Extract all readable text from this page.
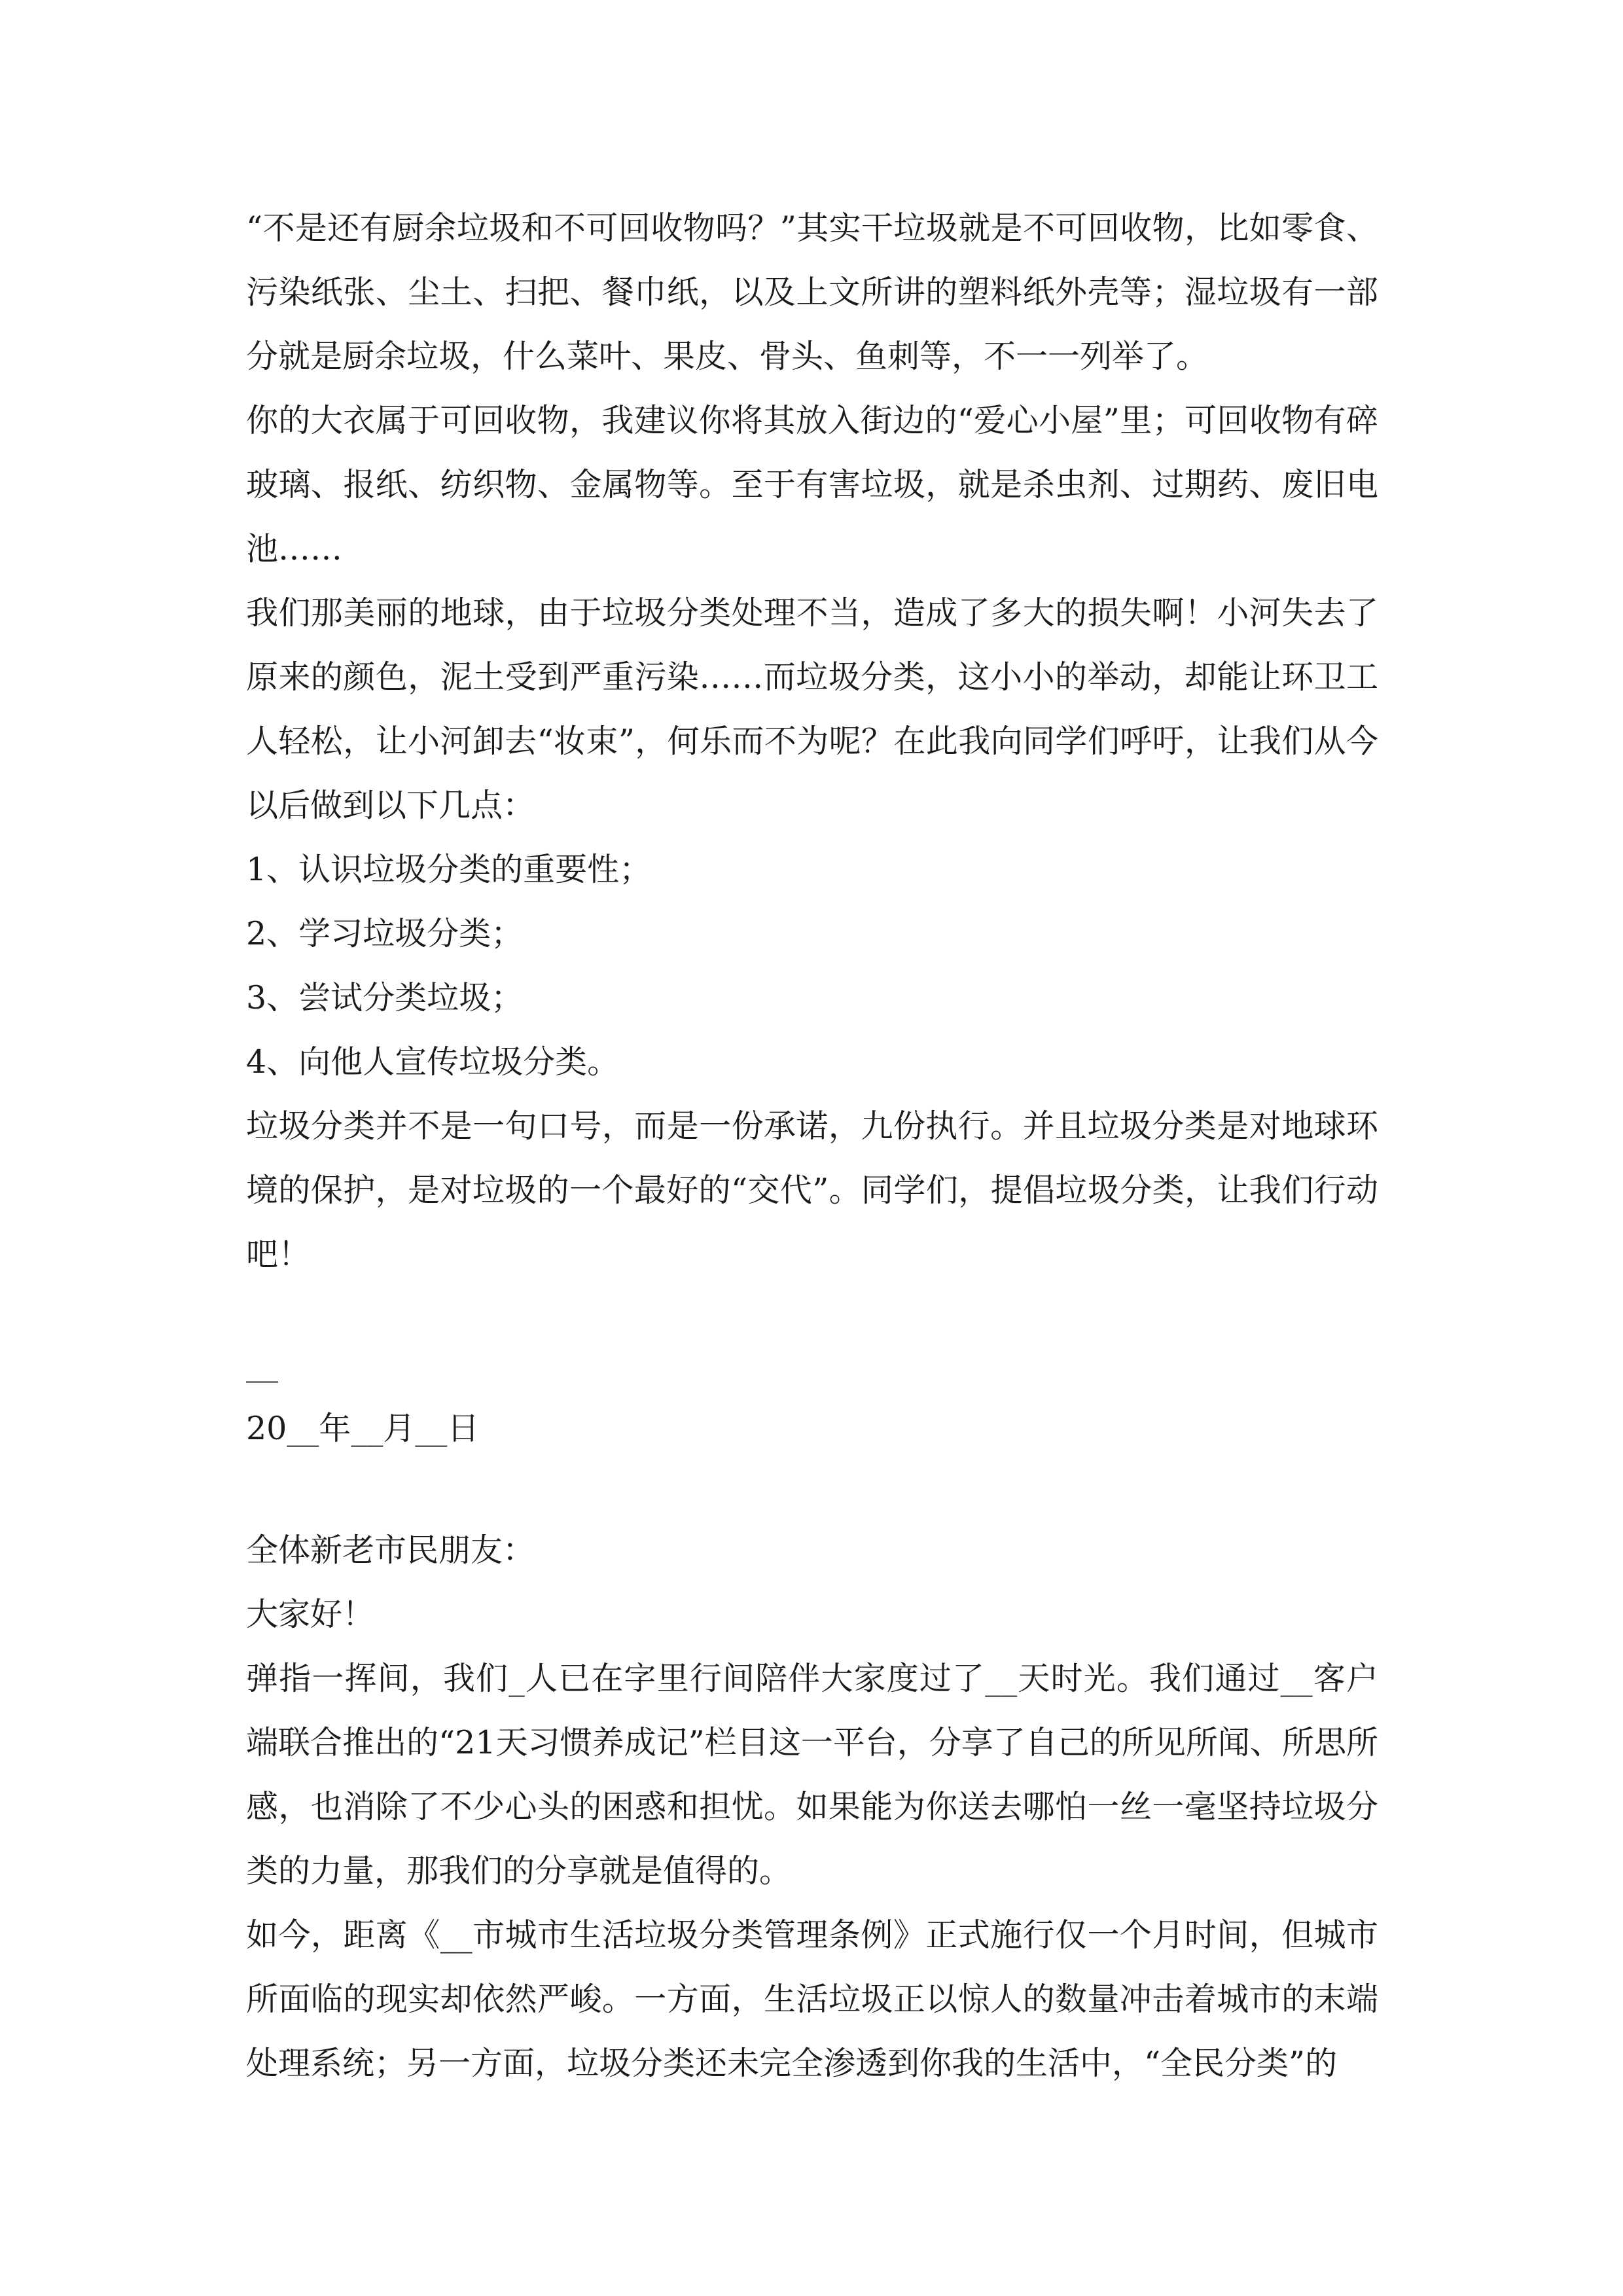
“不是还有厨余垃圾和不可回收物吗？”其实干垃圾就是不可回收物，比如零食、污染纸张、尘土、扫把、餐巾纸，以及上文所讲的塑料纸外壳等；湿垃圾有一部分就是厨余垃圾，什么菜叶、果皮、骨头、鱼刺等，不一一列举了。

你的大衣属于可回收物，我建议你将其放入街边的“爱心小屋”里；可回收物有碎玻璃、报纸、纺织物、金属物等。至于有害垃圾，就是杀虫剂、过期药、废旧电池……

我们那美丽的地球，由于垃圾分类处理不当，造成了多大的损失啊！小河失去了原来的颜色，泥土受到严重污染……而垃圾分类，这小小的举动，却能让环卫工人轻松，让小河卸去“妆束”，何乐而不为呢？在此我向同学们呼吁，让我们从今以后做到以下几点：

1、认识垃圾分类的重要性；

2、学习垃圾分类；

3、尝试分类垃圾；

4、向他人宣传垃圾分类。

垃圾分类并不是一句口号，而是一份承诺，九份执行。并且垃圾分类是对地球环境的保护，是对垃圾的一个最好的“交代”。同学们，提倡垃圾分类，让我们行动吧！

__

20__年__月__日

全体新老市民朋友：

大家好！

弹指一挥间，我们_人已在字里行间陪伴大家度过了__天时光。我们通过__客户端联合推出的“21天习惯养成记”栏目这一平台，分享了自己的所见所闻、所思所感，也消除了不少心头的困惑和担忧。如果能为你送去哪怕一丝一毫坚持垃圾分类的力量，那我们的分享就是值得的。

如今，距离《__市城市生活垃圾分类管理条例》正式施行仅一个月时间，但城市所面临的现实却依然严峻。一方面，生活垃圾正以惊人的数量冲击着城市的末端处理系统；另一方面，垃圾分类还未完全渗透到你我的生活中，“全民分类”的
